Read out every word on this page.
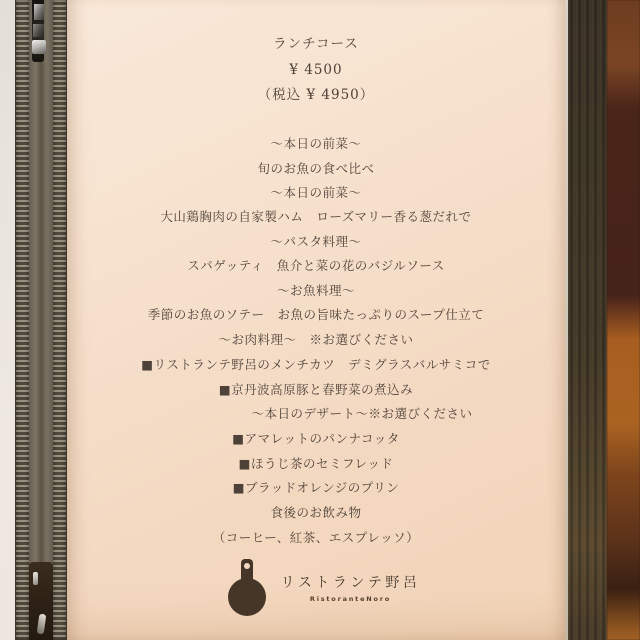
ランチコース
¥ 4500
（税込 ¥ 4950）
～本日の前菜～
旬のお魚の食べ比べ
～本日の前菜～
大山鶏胸肉の自家製ハム　ローズマリー香る葱だれで
～パスタ料理～
スパゲッティ　魚介と菜の花のバジルソース
～お魚料理～
季節のお魚のソテー　お魚の旨味たっぷりのスープ仕立て
～お肉料理～　※お選びください
■リストランテ野呂のメンチカツ　デミグラスバルサミコで
■京丹波高原豚と春野菜の煮込み
～本日のデザート～※お選びください
■アマレットのパンナコッタ
■ほうじ茶のセミフレッド
■ブラッドオレンジのプリン
食後のお飲み物
（コーヒー、紅茶、エスプレッソ）
リストランテ野呂
RistoranteNoro
